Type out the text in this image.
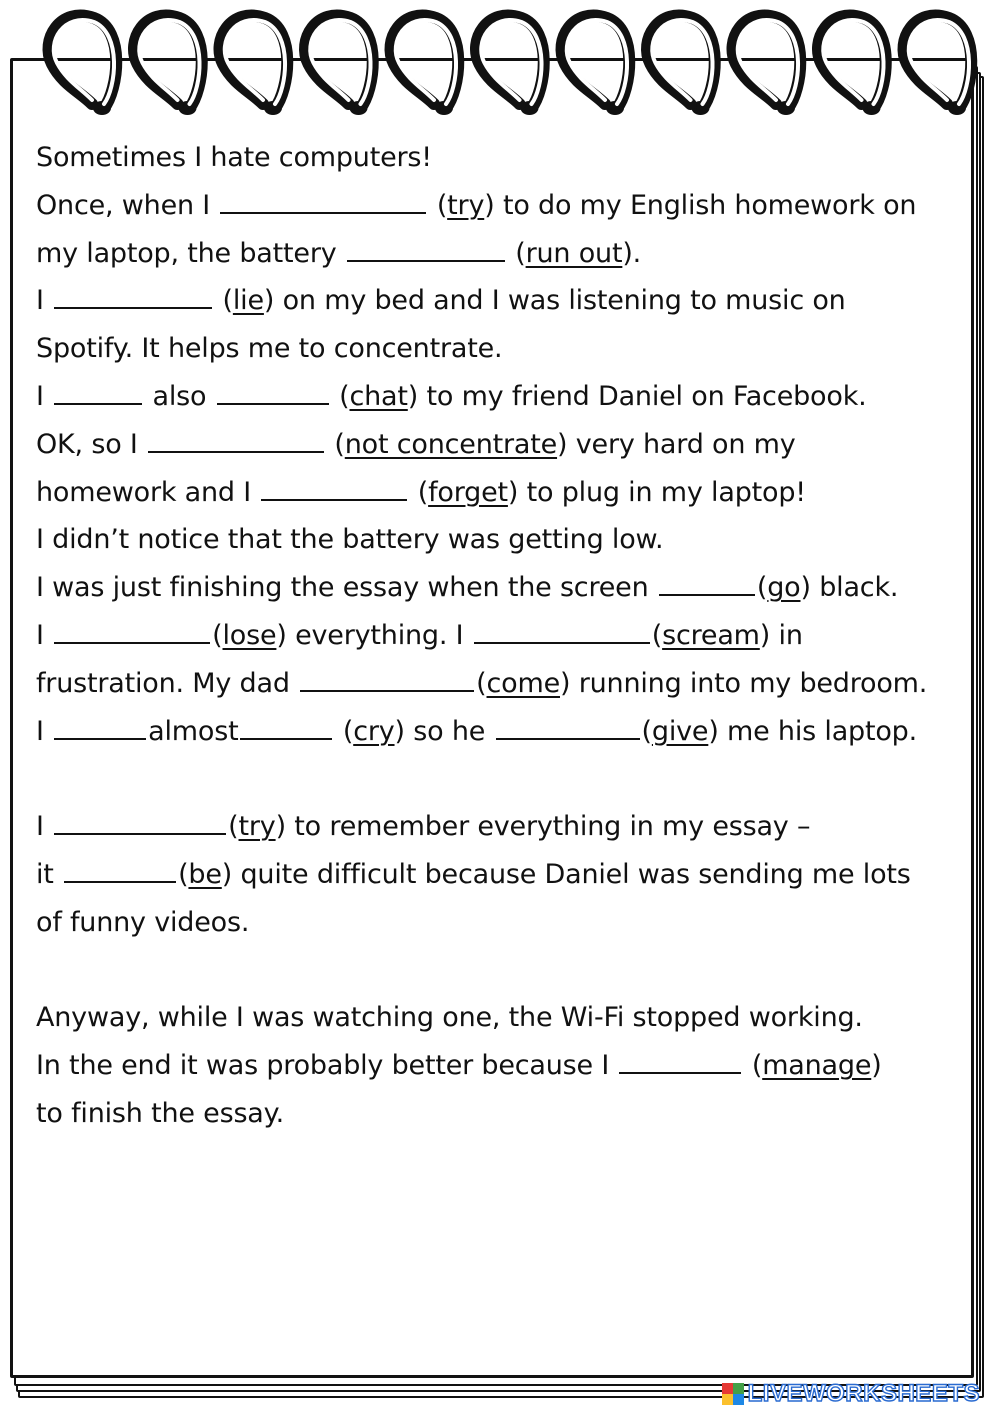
Sometimes I hate computers!
Once, when I	(try) to do my English homework on
my laptop, the battery	(run out).
I	(lie) on my bed and I was listening to music on
Spotify. It helps me to concentrate.
I	also	(chat) to my friend Daniel on Facebook.
OK, so I	(not concentrate) very hard on my
homework and I	(forget) to plug in my laptop!
I didn’t notice that the battery was getting low.
I was just finishing the essay when the screen	(go) black.
I	(lose) everything. I	(scream) in
frustration. My dad	(come) running into my bedroom.
I	almost	(cry) so he	(give) me his laptop.
I	(try) to remember everything in my essay –
it	(be) quite difficult because Daniel was sending me lots
of funny videos.
Anyway, while I was watching one, the Wi-Fi stopped working.
In the end it was probably better because I	(manage)
to finish the essay.
LIVEWORKSHEETS
